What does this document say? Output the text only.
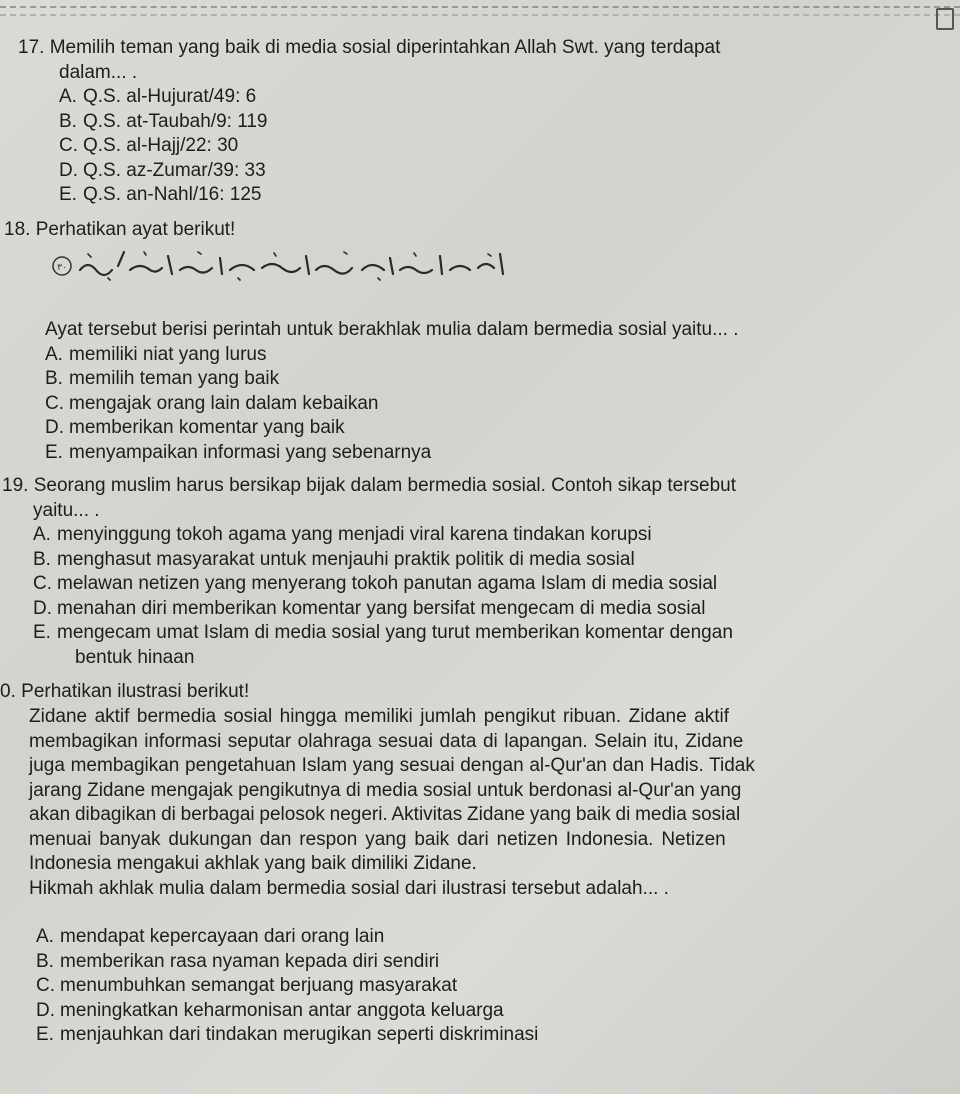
17. Memilih teman yang baik di media sosial diperintahkan Allah Swt. yang terdapat
dalam... .
A. Q.S. al-Hujurat/49: 6
B. Q.S. at-Taubah/9: 119
C. Q.S. al-Hajj/22: 30
D. Q.S. az-Zumar/39: 33
E. Q.S. an-Nahl/16: 125
18. Perhatikan ayat berikut!
٣٠
Ayat tersebut berisi perintah untuk berakhlak mulia dalam bermedia sosial yaitu... .
A. memiliki niat yang lurus
B. memilih teman yang baik
C. mengajak orang lain dalam kebaikan
D. memberikan komentar yang baik
E. menyampaikan informasi yang sebenarnya
19. Seorang muslim harus bersikap bijak dalam bermedia sosial. Contoh sikap tersebut
yaitu... .
A. menyinggung tokoh agama yang menjadi viral karena tindakan korupsi
B. menghasut masyarakat untuk menjauhi praktik politik di media sosial
C. melawan netizen yang menyerang tokoh panutan agama Islam di media sosial
D. menahan diri memberikan komentar yang bersifat mengecam di media sosial
E. mengecam umat Islam di media sosial yang turut memberikan komentar dengan
bentuk hinaan
0. Perhatikan ilustrasi berikut!
Zidane aktif bermedia sosial hingga memiliki jumlah pengikut ribuan. Zidane aktif
membagikan informasi seputar olahraga sesuai data di lapangan. Selain itu, Zidane
juga membagikan pengetahuan Islam yang sesuai dengan al-Qur'an dan Hadis. Tidak
jarang Zidane mengajak pengikutnya di media sosial untuk berdonasi al-Qur'an yang
akan dibagikan di berbagai pelosok negeri. Aktivitas Zidane yang baik di media sosial
menuai banyak dukungan dan respon yang baik dari netizen Indonesia. Netizen
Indonesia mengakui akhlak yang baik dimiliki Zidane.
Hikmah akhlak mulia dalam bermedia sosial dari ilustrasi tersebut adalah... .
A. mendapat kepercayaan dari orang lain
B. memberikan rasa nyaman kepada diri sendiri
C. menumbuhkan semangat berjuang masyarakat
D. meningkatkan keharmonisan antar anggota keluarga
E. menjauhkan dari tindakan merugikan seperti diskriminasi
